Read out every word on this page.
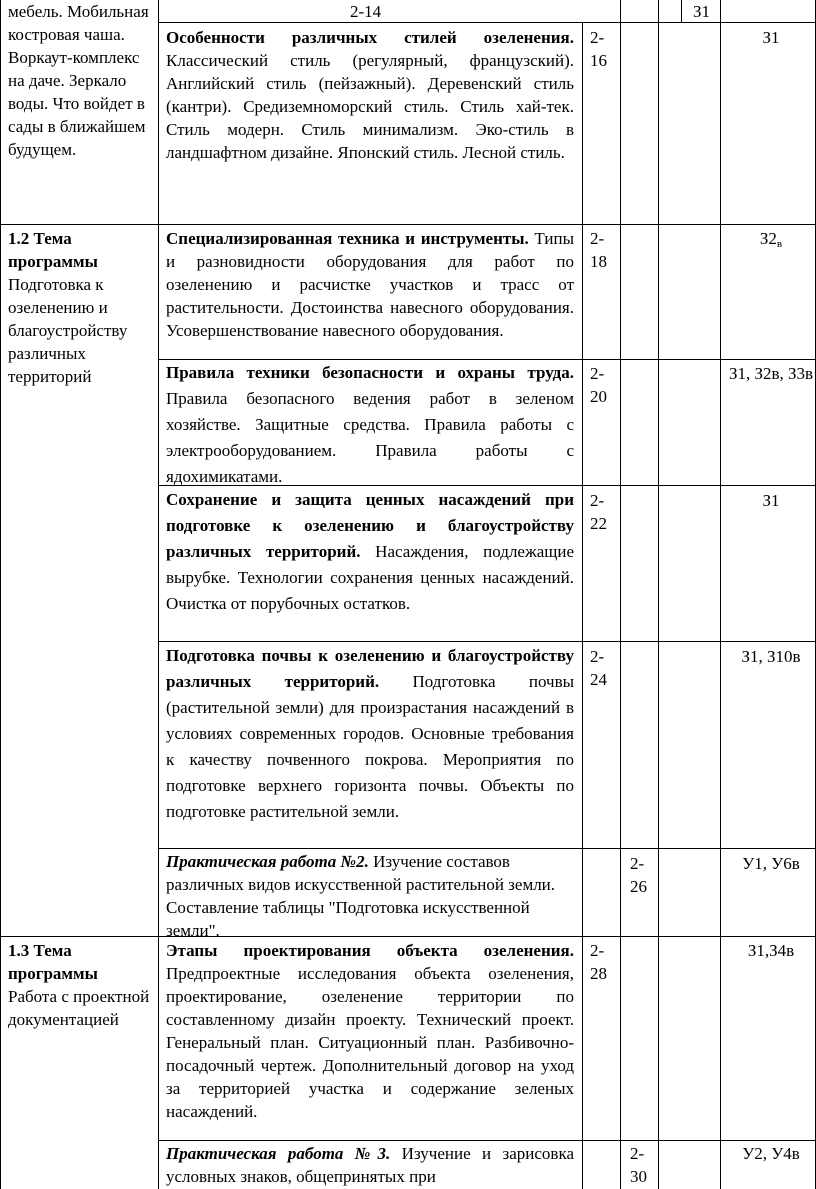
мебель. Мобильная костровая чаша. Воркаут-комплекс на даче. Зеркало воды. Что войдет в сады в ближайшем будущем.
2-14	З1
Особенности различных стилей озеленения. Классический стиль (регулярный, французский). Английский стиль (пейзажный). Деревенский стиль (кантри). Средиземноморский стиль. Стиль хай-тек. Стиль модерн. Стиль минимализм. Эко-стиль в ландшафтном дизайне. Японский стиль. Лесной стиль.
2-
16
З1
1.2 Тема программы
Подготовка к озеленению и благоустройству различных территорий
Специализированная техника и инструменты. Типы и разновидности оборудования для работ по озеленению и расчистке участков и трасс от растительности. Достоинства навесного оборудования. Усовершенствование навесного оборудования.
2-
18
$З2_в$
Правила техники безопасности и охраны труда. Правила безопасного ведения работ в зеленом хозяйстве. Защитные средства. Правила работы с электрооборудованием. Правила работы с ядохимикатами.
2-
20
З1, З2в, З3в
Сохранение и защита ценных насаждений при подготовке к озеленению и благоустройству различных территорий. Насаждения, подлежащие вырубке. Технологии сохранения ценных насаждений. Очистка от порубочных остатков.
2-
22
З1
Подготовка почвы к озеленению и благоустройству различных территорий. Подготовка почвы (растительной земли) для произрастания насаждений в условиях современных городов. Основные требования к качеству почвенного покрова. Мероприятия по подготовке верхнего горизонта почвы. Объекты по подготовке растительной земли.
2-
24
З1, З10в
Практическая работа №2. Изучение составов различных видов искусственной растительной земли. Составление таблицы "Подготовка искусственной земли".
2-
26
У1, У6в
1.3 Тема программы
Работа с проектной документацией
Этапы проектирования объекта озеленения. Предпроектные исследования объекта озеленения, проектирование, озеленение территории по составленному дизайн проекту. Технический проект. Генеральный план. Ситуационный план. Разбивочно-посадочный чертеж. Дополнительный договор на уход за территорией участка и содержание зеленых насаждений.
2-
28
З1,З4в
Практическая работа №3. Изучение и зарисовка условных знаков, общепринятых при
2-
30
У2, У4в
